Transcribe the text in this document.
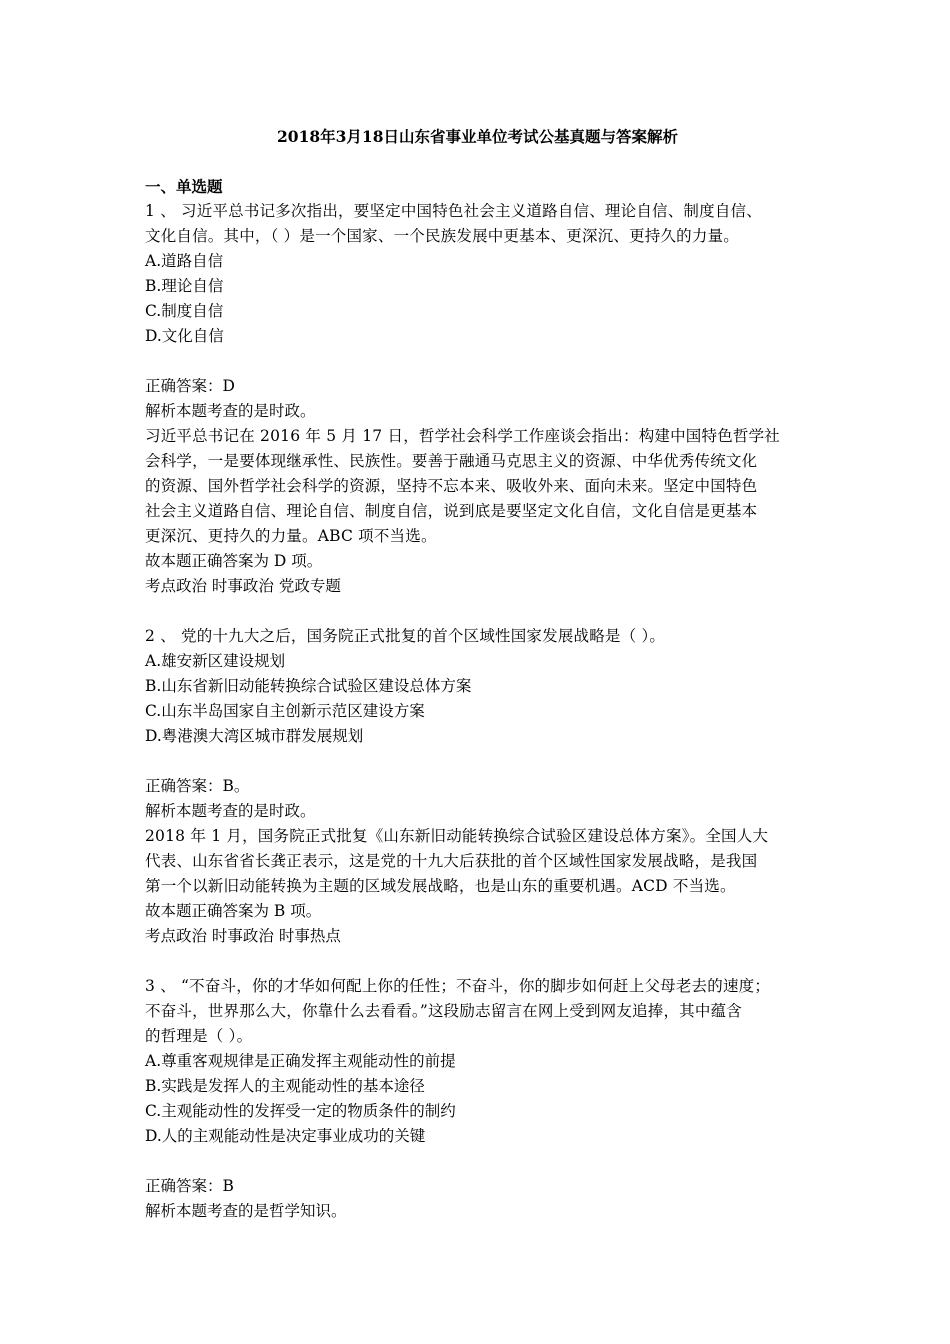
2018年3月18日山东省事业单位考试公基真题与答案解析
一、单选题
1 、 习近平总书记多次指出，要坚定中国特色社会主义道路自信、理论自信、制度自信、
文化自信。其中，（ ）是一个国家、一个民族发展中更基本、更深沉、更持久的力量。
A.道路自信
B.理论自信
C.制度自信
D.文化自信
正确答案：D
解析本题考查的是时政。
习近平总书记在 2016 年 5 月 17 日，哲学社会科学工作座谈会指出：构建中国特色哲学社
会科学，一是要体现继承性、民族性。要善于融通马克思主义的资源、中华优秀传统文化
的资源、国外哲学社会科学的资源，坚持不忘本来、吸收外来、面向未来。坚定中国特色
社会主义道路自信、理论自信、制度自信，说到底是要坚定文化自信，文化自信是更基本
更深沉、更持久的力量。ABC 项不当选。
故本题正确答案为 D 项。
考点政治 时事政治 党政专题
2 、 党的十九大之后，国务院正式批复的首个区域性国家发展战略是（ ）。
A.雄安新区建设规划
B.山东省新旧动能转换综合试验区建设总体方案
C.山东半岛国家自主创新示范区建设方案
D.粤港澳大湾区城市群发展规划
正确答案：B。
解析本题考查的是时政。
2018 年 1 月，国务院正式批复《山东新旧动能转换综合试验区建设总体方案》。全国人大
代表、山东省省长龚正表示，这是党的十九大后获批的首个区域性国家发展战略，是我国
第一个以新旧动能转换为主题的区域发展战略，也是山东的重要机遇。ACD 不当选。
故本题正确答案为 B 项。
考点政治 时事政治 时事热点
3 、 “不奋斗，你的才华如何配上你的任性；不奋斗，你的脚步如何赶上父母老去的速度；
不奋斗，世界那么大，你靠什么去看看。”这段励志留言在网上受到网友追捧，其中蕴含
的哲理是（ ）。
A.尊重客观规律是正确发挥主观能动性的前提
B.实践是发挥人的主观能动性的基本途径
C.主观能动性的发挥受一定的物质条件的制约
D.人的主观能动性是决定事业成功的关键
正确答案：B
解析本题考查的是哲学知识。
